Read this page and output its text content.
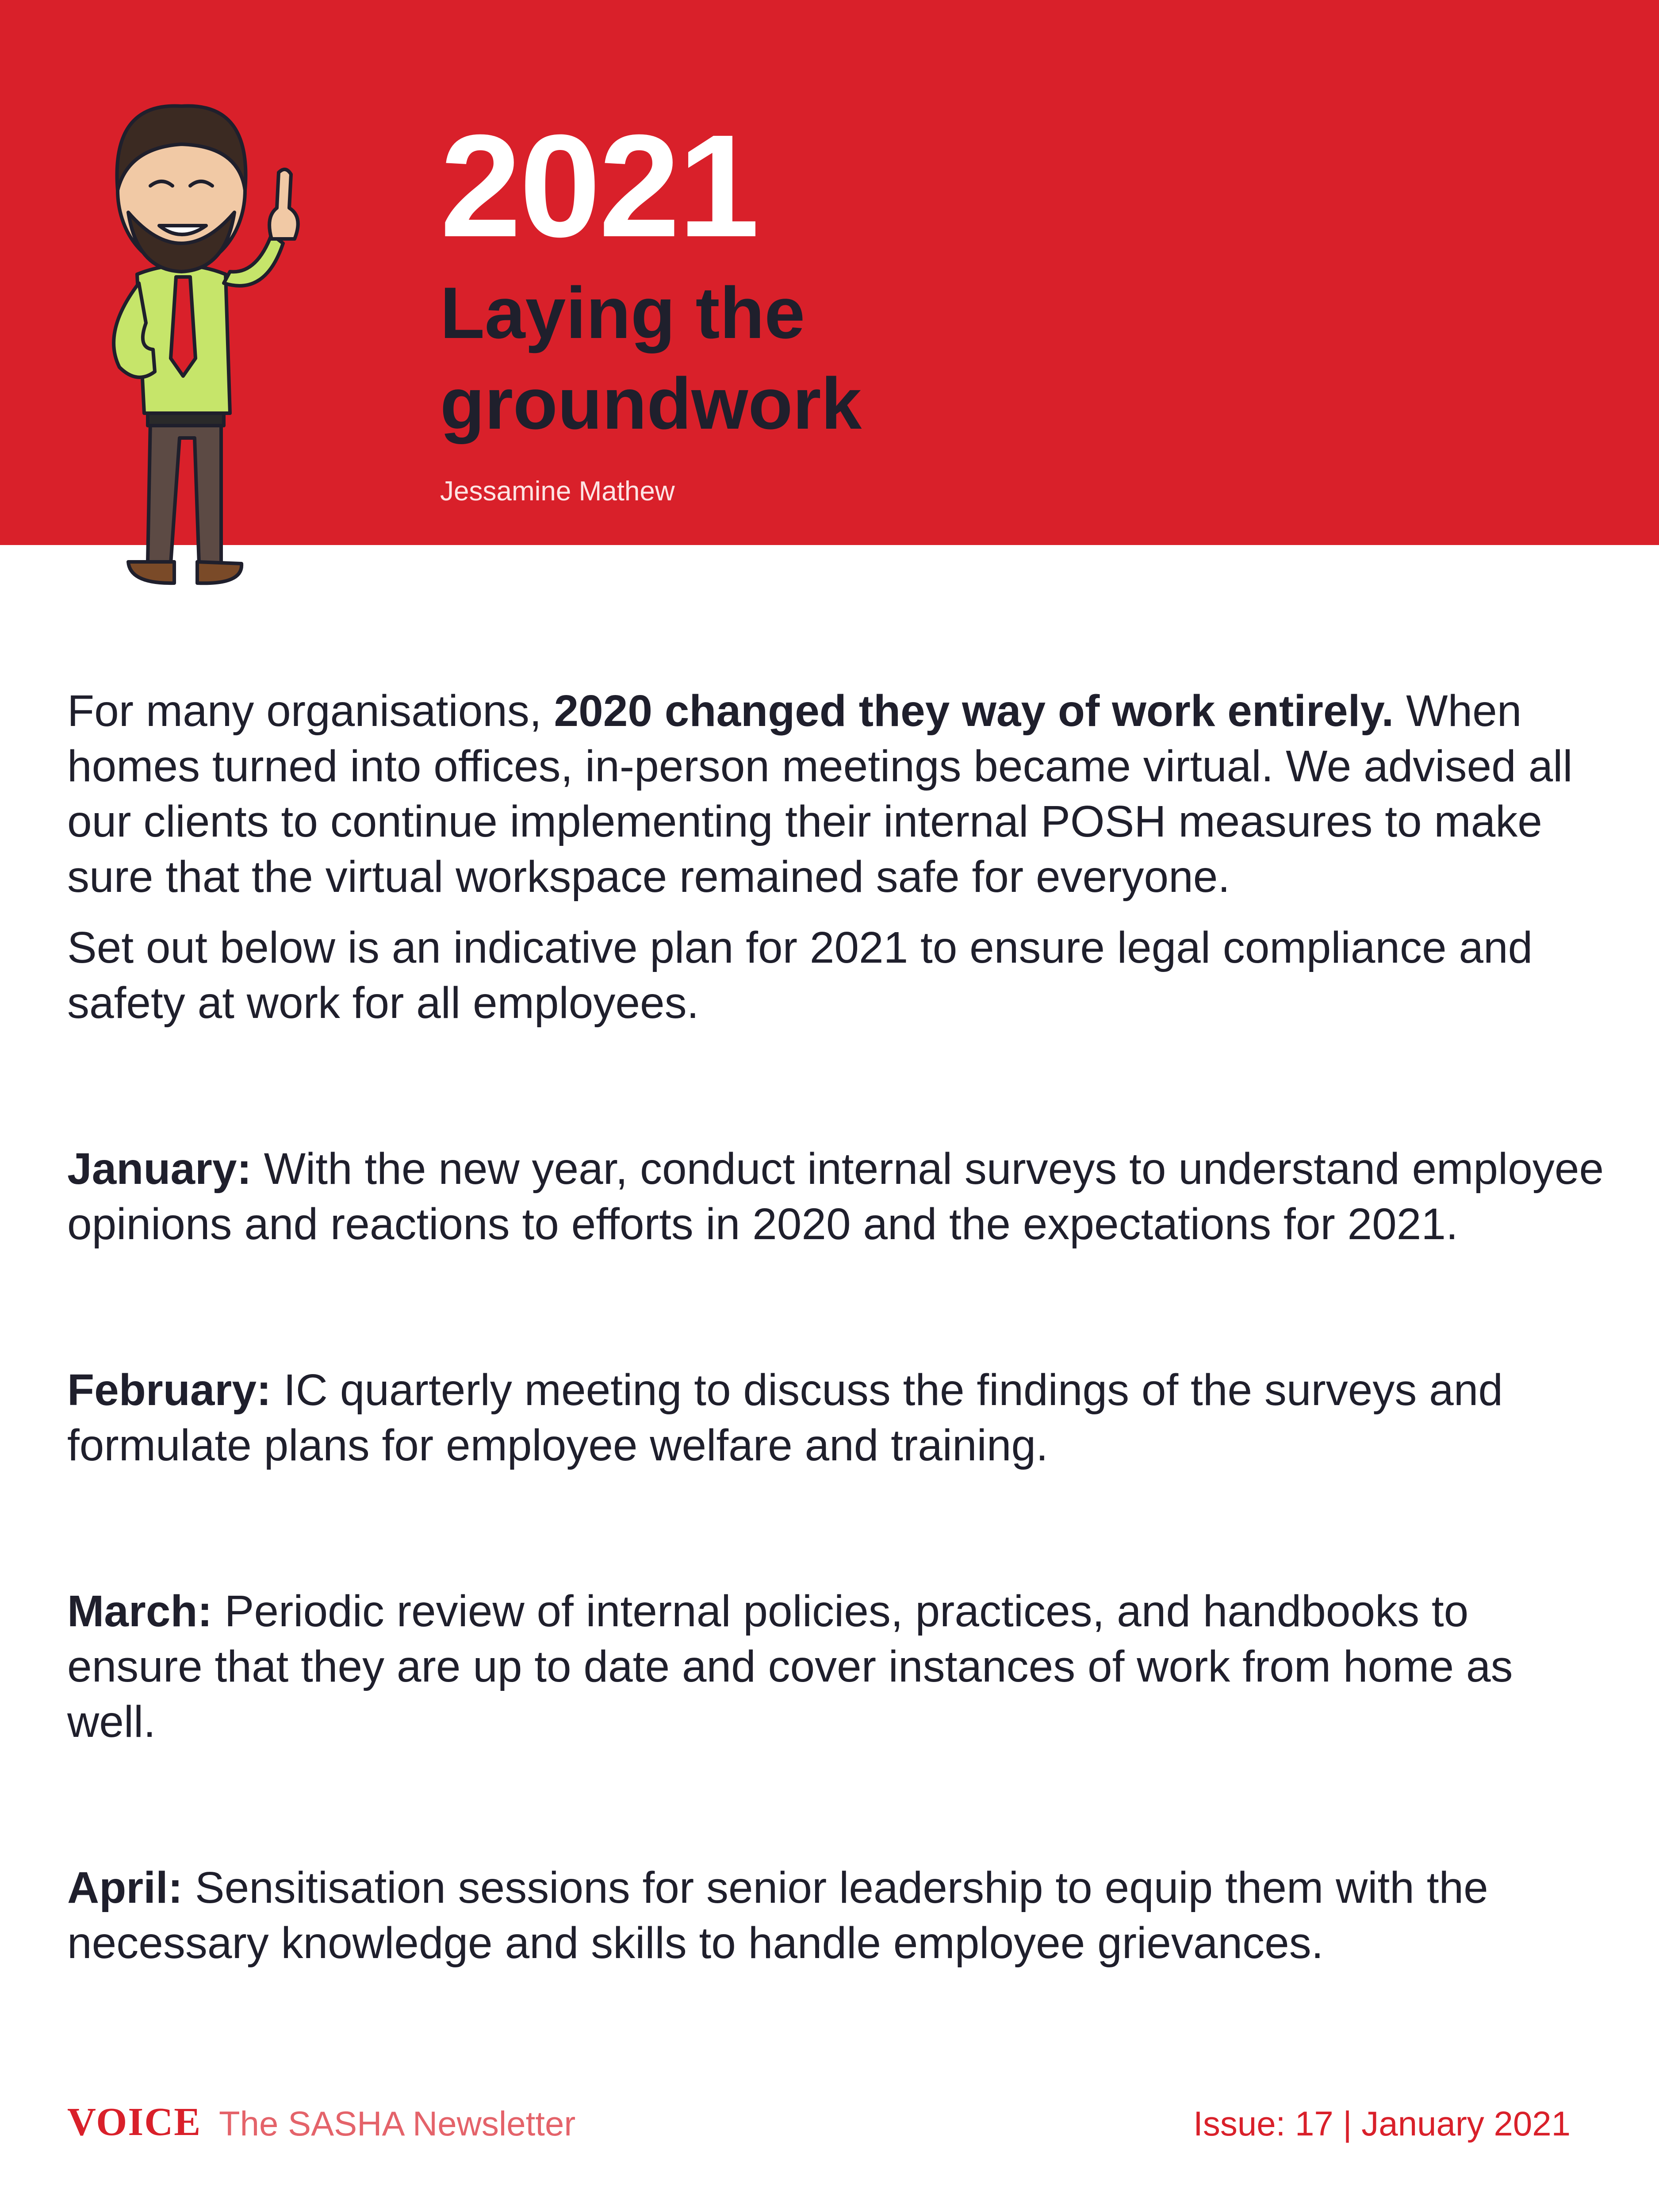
2021
Laying the groundwork
Jessamine Mathew

For many organisations, 2020 changed they way of work entirely. When homes turned into offices, in-person meetings became virtual. We advised all our clients to continue implementing their internal POSH measures to make sure that the virtual workspace remained safe for everyone.

Set out below is an indicative plan for 2021 to ensure legal compliance and safety at work for all employees.

January: With the new year, conduct internal surveys to understand employee opinions and reactions to efforts in 2020 and the expectations for 2021.

February: IC quarterly meeting to discuss the findings of the surveys and formulate plans for employee welfare and training.

March: Periodic review of internal policies, practices, and handbooks to ensure that they are up to date and cover instances of work from home as well.

April: Sensitisation sessions for senior leadership to equip them with the necessary knowledge and skills to handle employee grievances.

VOICE The SASHA Newsletter	Issue: 17 | January 2021
